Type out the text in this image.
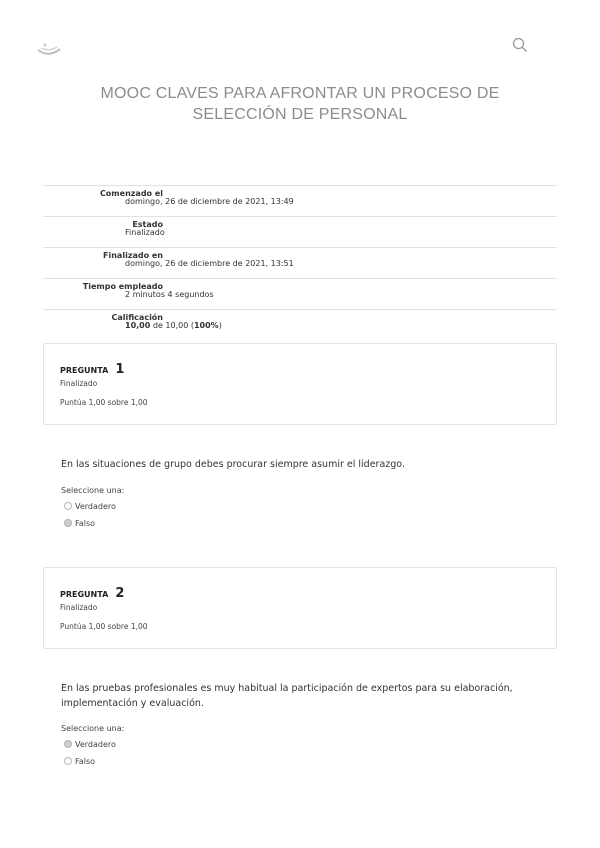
MOOC CLAVES PARA AFRONTAR UN PROCESO DE SELECCIÓN DE PERSONAL
Comenzado el
domingo, 26 de diciembre de 2021, 13:49
Estado
Finalizado
Finalizado en
domingo, 26 de diciembre de 2021, 13:51
Tiempo empleado
2 minutos 4 segundos
Calificación
10,00 de 10,00 (100%)
PREGUNTA 1
Finalizado
Puntúa 1,00 sobre 1,00
En las situaciones de grupo debes procurar siempre asumir el liderazgo.
Seleccione una:
Verdadero
Falso
PREGUNTA 2
Finalizado
Puntúa 1,00 sobre 1,00
En las pruebas profesionales es muy habitual la participación de expertos para su elaboración, implementación y evaluación.
Seleccione una:
Verdadero
Falso
